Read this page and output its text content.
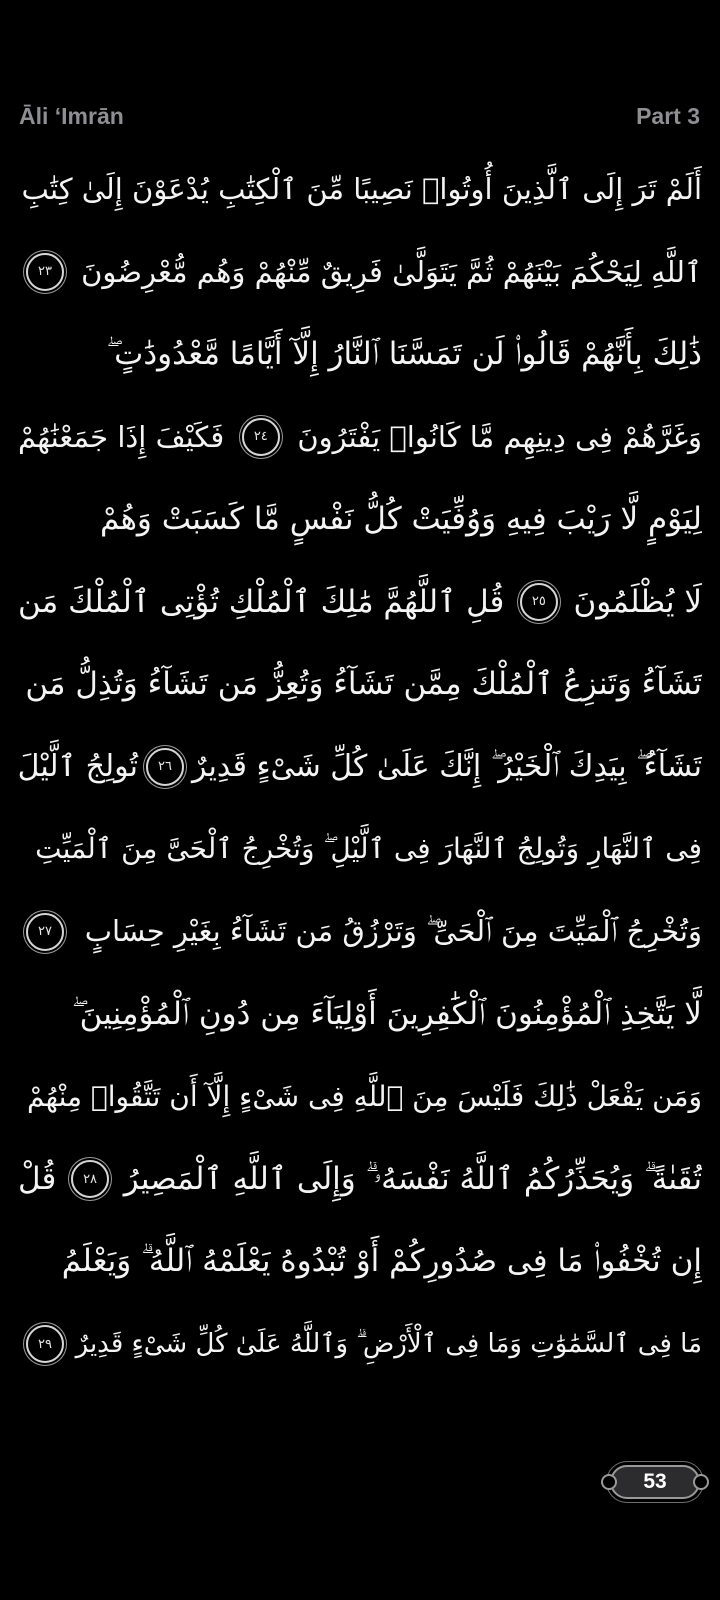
Āli ʻImrān	Part 3
أَلَمْ تَرَ إِلَى ٱلَّذِينَ أُوتُوا۟ نَصِيبًا مِّنَ ٱلْكِتَٰبِ يُدْعَوْنَ إِلَىٰ كِتَٰبِ
ٱللَّهِ لِيَحْكُمَ بَيْنَهُمْ ثُمَّ يَتَوَلَّىٰ فَرِيقٌ مِّنْهُمْ وَهُم مُّعْرِضُونَ
٢٣
ذَٰلِكَ بِأَنَّهُمْ قَالُوا۟ لَن تَمَسَّنَا ٱلنَّارُ إِلَّآ أَيَّامًا مَّعْدُودَٰتٍ ۖ
وَغَرَّهُمْ فِى دِينِهِم مَّا كَانُوا۟ يَفْتَرُونَ
٢٤
فَكَيْفَ إِذَا جَمَعْنَٰهُمْ
لِيَوْمٍ لَّا رَيْبَ فِيهِ وَوُفِّيَتْ كُلُّ نَفْسٍ مَّا كَسَبَتْ وَهُمْ
لَا يُظْلَمُونَ
٢٥
قُلِ ٱللَّهُمَّ مَٰلِكَ ٱلْمُلْكِ تُؤْتِى ٱلْمُلْكَ مَن
تَشَآءُ وَتَنزِعُ ٱلْمُلْكَ مِمَّن تَشَآءُ وَتُعِزُّ مَن تَشَآءُ وَتُذِلُّ مَن
تَشَآءُ ۖ بِيَدِكَ ٱلْخَيْرُ ۖ إِنَّكَ عَلَىٰ كُلِّ شَىْءٍ قَدِيرٌ
٢٦
تُولِجُ ٱلَّيْلَ
فِى ٱلنَّهَارِ وَتُولِجُ ٱلنَّهَارَ فِى ٱلَّيْلِ ۖ وَتُخْرِجُ ٱلْحَىَّ مِنَ ٱلْمَيِّتِ
وَتُخْرِجُ ٱلْمَيِّتَ مِنَ ٱلْحَىِّ ۖ وَتَرْزُقُ مَن تَشَآءُ بِغَيْرِ حِسَابٍ
٢٧
لَّا يَتَّخِذِ ٱلْمُؤْمِنُونَ ٱلْكَٰفِرِينَ أَوْلِيَآءَ مِن دُونِ ٱلْمُؤْمِنِينَ ۖ
وَمَن يَفْعَلْ ذَٰلِكَ فَلَيْسَ مِنَ ٱللَّهِ فِى شَىْءٍ إِلَّآ أَن تَتَّقُوا۟ مِنْهُمْ
تُقَىٰةً ۗ وَيُحَذِّرُكُمُ ٱللَّهُ نَفْسَهُۥ ۗ وَإِلَى ٱللَّهِ ٱلْمَصِيرُ
٢٨
قُلْ
إِن تُخْفُوا۟ مَا فِى صُدُورِكُمْ أَوْ تُبْدُوهُ يَعْلَمْهُ ٱللَّهُ ۗ وَيَعْلَمُ
مَا فِى ٱلسَّمَٰوَٰتِ وَمَا فِى ٱلْأَرْضِ ۗ وَٱللَّهُ عَلَىٰ كُلِّ شَىْءٍ قَدِيرٌ
٢٩
53
